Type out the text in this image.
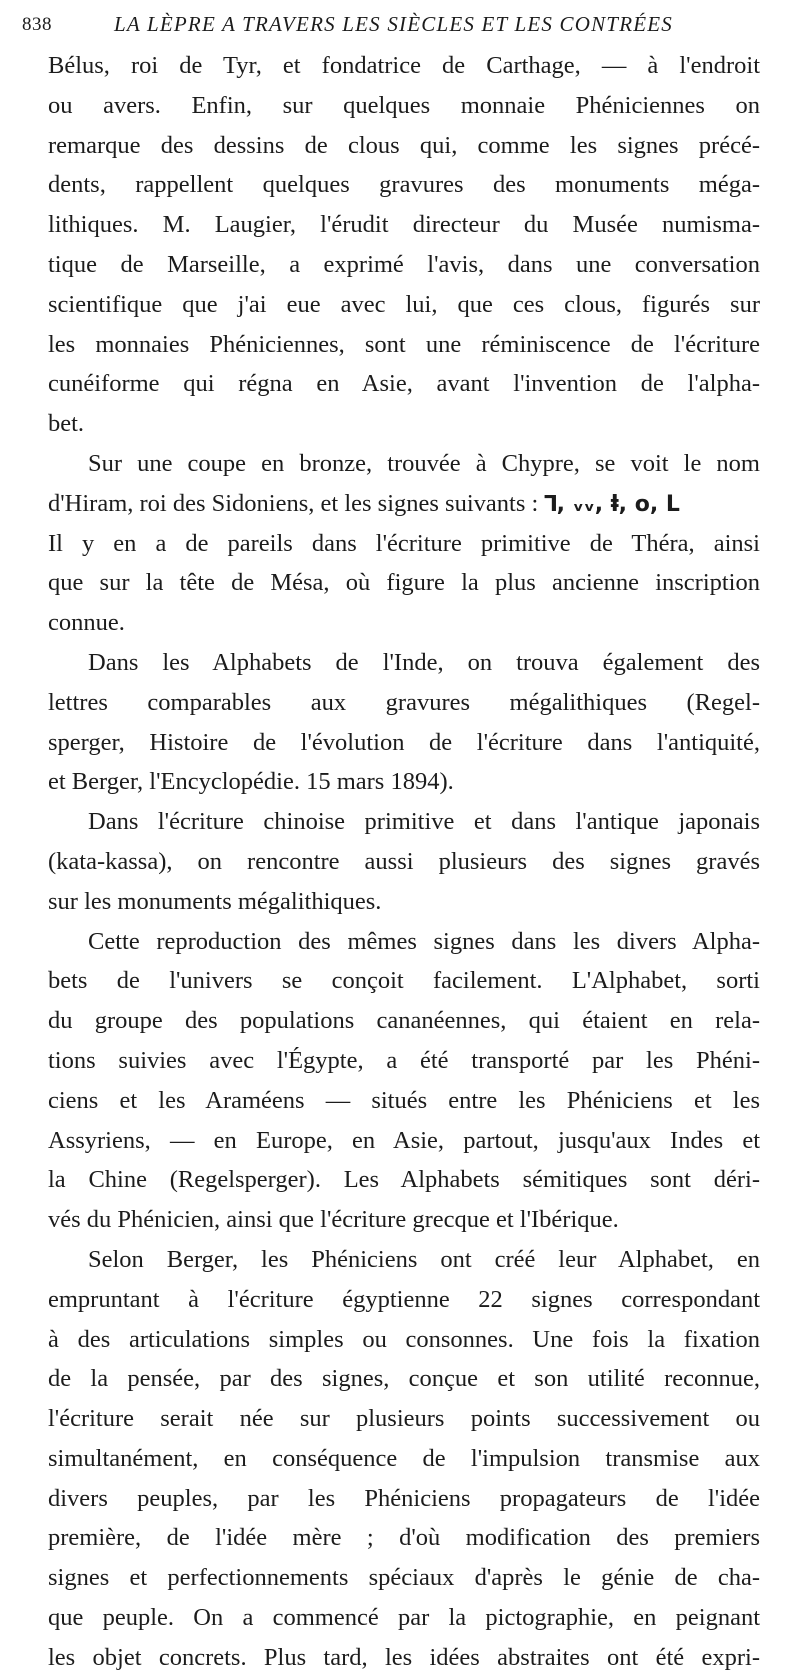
838	LA LÈPRE A TRAVERS LES SIÈCLES ET LES CONTRÉES
Bélus, roi de Tyr, et fondatrice de Carthage, — à l'endroit
ou avers. Enfin, sur quelques monnaie Phéniciennes on
remarque des dessins de clous qui, comme les signes précé-
dents, rappellent quelques gravures des monuments méga-
lithiques. M. Laugier, l'érudit directeur du Musée numisma-
tique de Marseille, a exprimé l'avis, dans une conversation
scientifique que j'ai eue avec lui, que ces clous, figurés sur
les monnaies Phéniciennes, sont une réminiscence de l'écriture
cunéiforme qui régna en Asie, avant l'invention de l'alpha-
bet.
Sur une coupe en bronze, trouvée à Chypre, se voit le nom
d'Hiram, roi des Sidoniens, et les signes suivants : ⅂, ᵥᵥ, ⱡ, o, Ⅼ
Il y en a de pareils dans l'écriture primitive de Théra, ainsi
que sur la tête de Mésa, où figure la plus ancienne inscription
connue.
Dans les Alphabets de l'Inde, on trouva également des
lettres comparables aux gravures mégalithiques (Regel-
sperger, Histoire de l'évolution de l'écriture dans l'antiquité,
et Berger, l'Encyclopédie. 15 mars 1894).
Dans l'écriture chinoise primitive et dans l'antique japonais
(kata-kassa), on rencontre aussi plusieurs des signes gravés
sur les monuments mégalithiques.
Cette reproduction des mêmes signes dans les divers Alpha-
bets de l'univers se conçoit facilement. L'Alphabet, sorti
du groupe des populations cananéennes, qui étaient en rela-
tions suivies avec l'Égypte, a été transporté par les Phéni-
ciens et les Araméens — situés entre les Phéniciens et les
Assyriens, — en Europe, en Asie, partout, jusqu'aux Indes et
la Chine (Regelsperger). Les Alphabets sémitiques sont déri-
vés du Phénicien, ainsi que l'écriture grecque et l'Ibérique.
Selon Berger, les Phéniciens ont créé leur Alphabet, en
empruntant à l'écriture égyptienne 22 signes correspondant
à des articulations simples ou consonnes. Une fois la fixation
de la pensée, par des signes, conçue et son utilité reconnue,
l'écriture serait née sur plusieurs points successivement ou
simultanément, en conséquence de l'impulsion transmise aux
divers peuples, par les Phéniciens propagateurs de l'idée
première, de l'idée mère ; d'où modification des premiers
signes et perfectionnements spéciaux d'après le génie de cha-
que peuple. On a commencé par la pictographie, en peignant
les objet concrets. Plus tard, les idées abstraites ont été expri-
